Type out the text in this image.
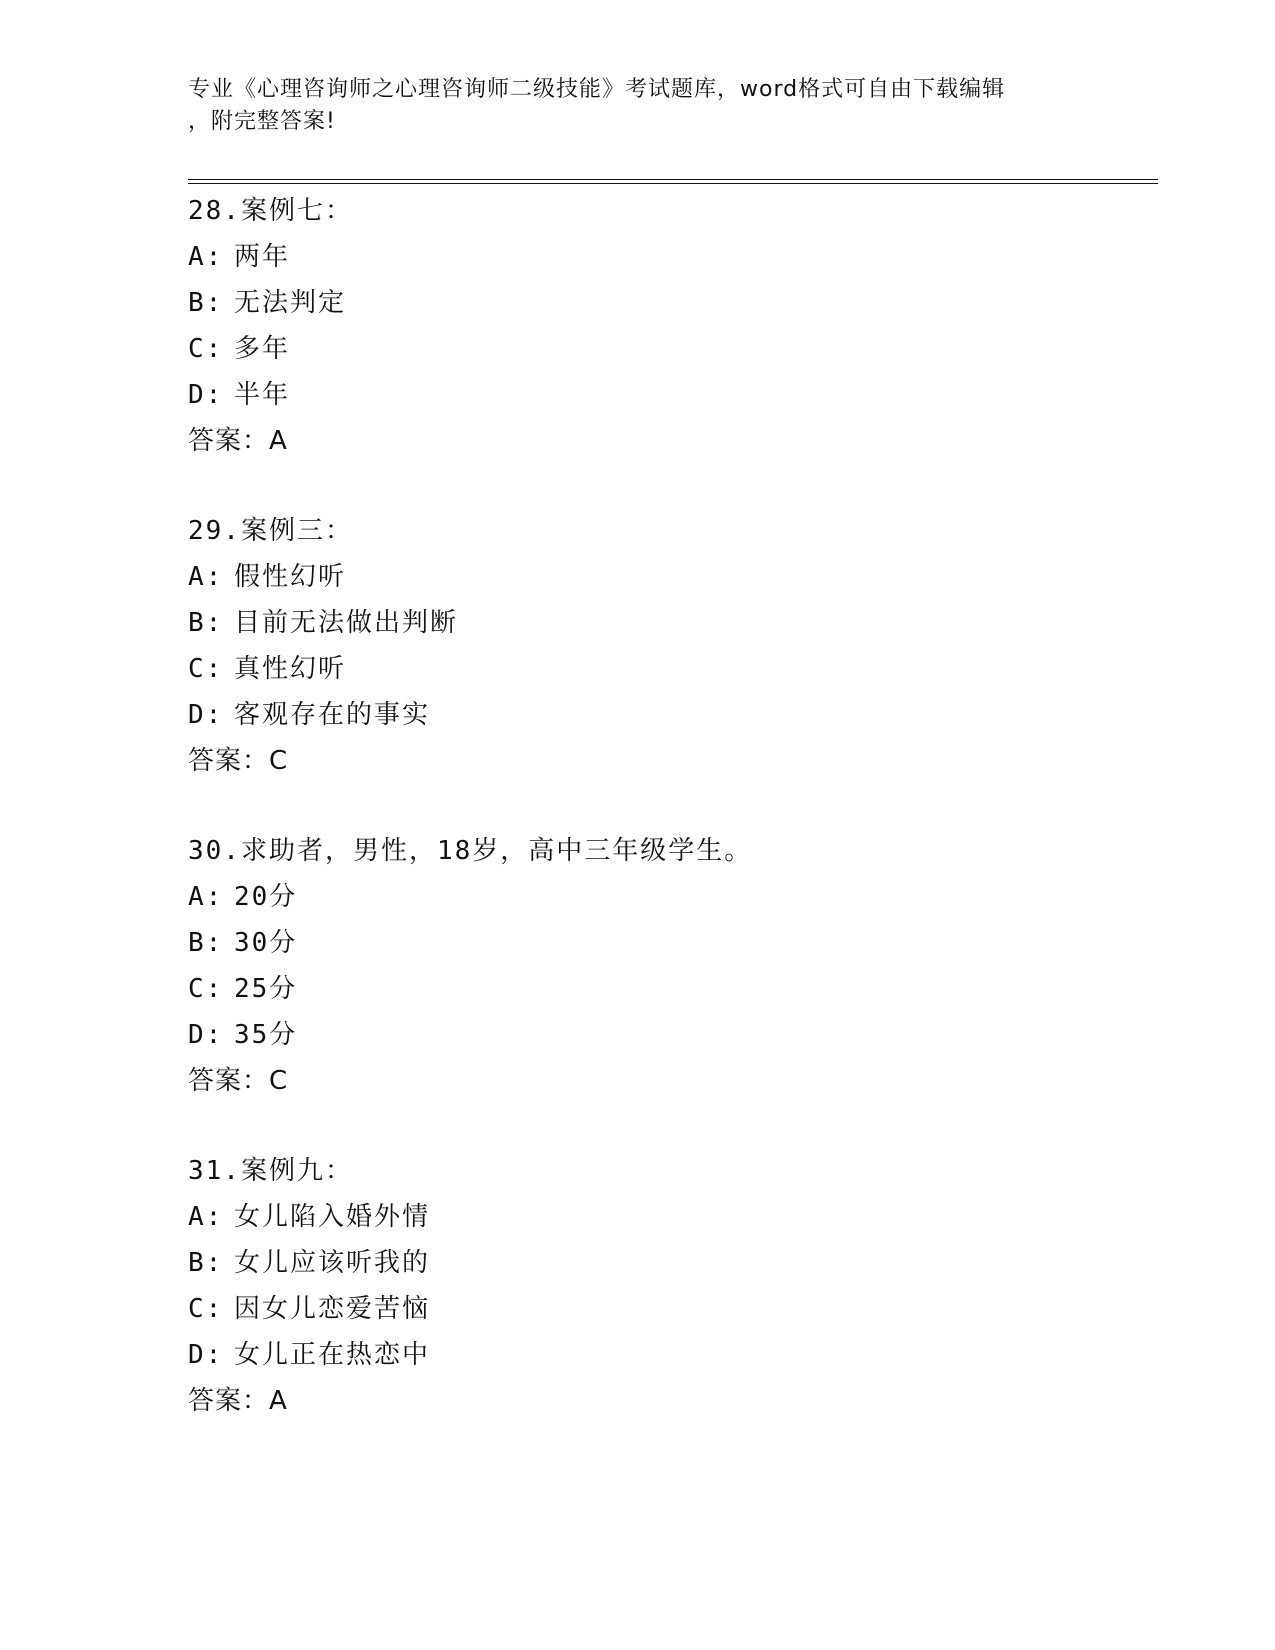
专业《心理咨询师之心理咨询师二级技能》考试题库，word格式可自由下载编辑
，附完整答案!
28.案例七：
A: 两年
B: 无法判定
C: 多年
D: 半年
答案：A
29.案例三：
A: 假性幻听
B: 目前无法做出判断
C: 真性幻听
D: 客观存在的事实
答案：C
30.求助者，男性，18岁，高中三年级学生。
A: 20分
B: 30分
C: 25分
D: 35分
答案：C
31.案例九：
A: 女儿陷入婚外情
B: 女儿应该听我的
C: 因女儿恋爱苦恼
D: 女儿正在热恋中
答案：A
